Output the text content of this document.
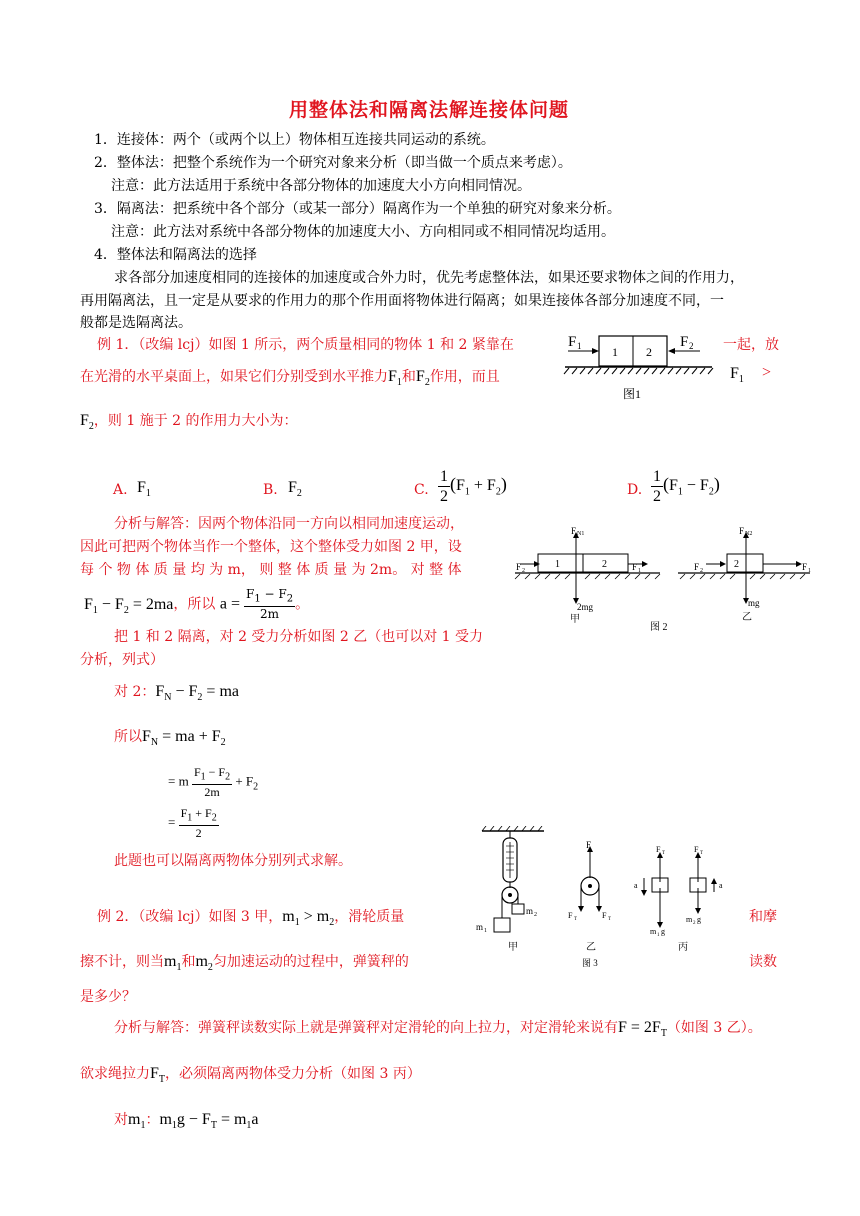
用整体法和隔离法解连接体问题
1．连接体：两个（或两个以上）物体相互连接共同运动的系统。
2．整体法：把整个系统作为一个研究对象来分析（即当做一个质点来考虑）。
注意：此方法适用于系统中各部分物体的加速度大小方向相同情况。
3．隔离法：把系统中各个部分（或某一部分）隔离作为一个单独的研究对象来分析。
注意：此方法对系统中各部分物体的加速度大小、方向相同或不相同情况均适用。
4．整体法和隔离法的选择
求各部分加速度相同的连接体的加速度或合外力时，优先考虑整体法，如果还要求物体之间的作用力，
再用隔离法，且一定是从要求的作用力的那个作用面将物体进行隔离；如果连接体各部分加速度不同，一
般都是选隔离法。
例 1．（改编 lcj）如图 1 所示，两个质量相同的物体 1 和 2 紧靠在	一起，放
在光滑的水平桌面上，如果它们分别受到水平推力$F_1$和$F_2$作用，而且	$F_1$ >
$F_2$，则 1 施于 2 的作用力大小为：
1 2
F 1	F 2
图1
A. $F_1$	B. $F_2$	C. $\frac{1}{2} (F_1 + F_2)$	D. $\frac{1}{2} (F_1 - F_2)$
分析与解答：因两个物体沿同一方向以相同加速度运动，
因此可把两个物体当作一个整体，这个整体受力如图 2 甲，设
每 个 物 体 质 量 均 为 m， 则 整 体 质 量 为 2m。 对 整 体
$F_1 - F_2 = 2ma$，所以 $a = \frac{F_1 - F_2}{2m}$ 。
把 1 和 2 隔离，对 2 受力分析如图 2 乙（也可以对 1 受力
分析，列式）
对 2：$F_N - F_2$ = ma
所以$F_N$ = ma + $F_2$
= m $\frac{F_1 - F_2}{2m} + F_2$
= $\frac{F_1 + F_2}{2}$
此题也可以隔离两物体分别列式求解。
1	2
F N1
2mg
F 2	F 1
甲
2
F N2
mg
F 2	F 1
乙
图 2
例 2．（改编 lcj）如图 3 甲，$m_1 > m_2$，滑轮质量	和摩
擦不计，则当$m_1$和$m_2$匀加速运动的过程中，弹簧秤的	读数
是多少？
m 1
m 2
甲
F
F T	F T
乙
F T
m 1 g
a
F T
m 2 g
a
丙
图 3
分析与解答：弹簧秤读数实际上就是弹簧秤对定滑轮的向上拉力，对定滑轮来说有$F = 2F_T$（如图 3 乙）。
欲求绳拉力$F_T$，必须隔离两物体受力分析（如图 3 丙）
对$m_1$：$m_1g - F_T = m_1a$
